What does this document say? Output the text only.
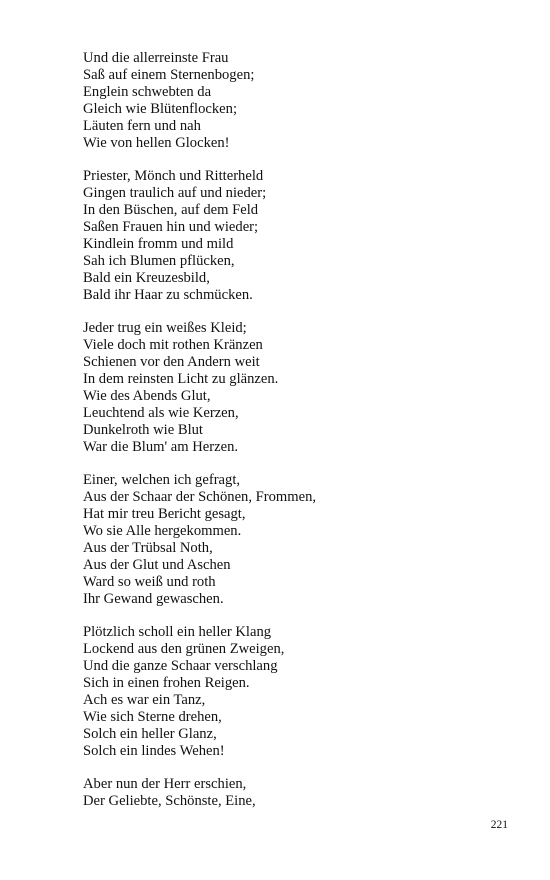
Und die allerreinste Frau
Saß auf einem Sternenbogen;
Englein schwebten da
Gleich wie Blütenflocken;
Läuten fern und nah
Wie von hellen Glocken!
Priester, Mönch und Ritterheld
Gingen traulich auf und nieder;
In den Büschen, auf dem Feld
Saßen Frauen hin und wieder;
Kindlein fromm und mild
Sah ich Blumen pflücken,
Bald ein Kreuzesbild,
Bald ihr Haar zu schmücken.
Jeder trug ein weißes Kleid;
Viele doch mit rothen Kränzen
Schienen vor den Andern weit
In dem reinsten Licht zu glänzen.
Wie des Abends Glut,
Leuchtend als wie Kerzen,
Dunkelroth wie Blut
War die Blum' am Herzen.
Einer, welchen ich gefragt,
Aus der Schaar der Schönen, Frommen,
Hat mir treu Bericht gesagt,
Wo sie Alle hergekommen.
Aus der Trübsal Noth,
Aus der Glut und Aschen
Ward so weiß und roth
Ihr Gewand gewaschen.
Plötzlich scholl ein heller Klang
Lockend aus den grünen Zweigen,
Und die ganze Schaar verschlang
Sich in einen frohen Reigen.
Ach es war ein Tanz,
Wie sich Sterne drehen,
Solch ein heller Glanz,
Solch ein lindes Wehen!
Aber nun der Herr erschien,
Der Geliebte, Schönste, Eine,
221
